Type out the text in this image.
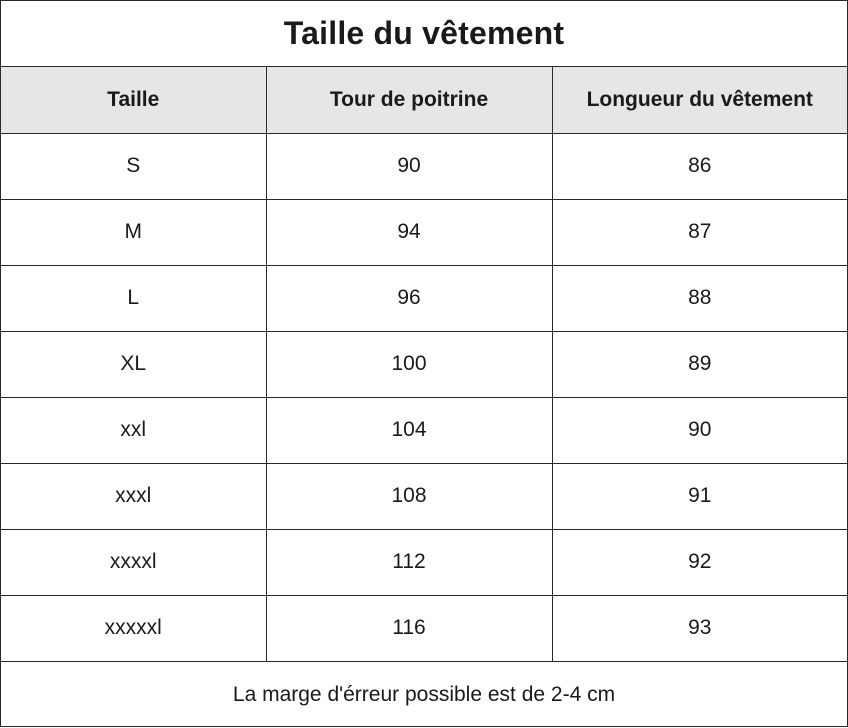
Taille du vêtement
Taille	Tour de poitrine	Longueur du vêtement
S	90	86
M	94	87
L	96	88
XL	100	89
xxl	104	90
xxxl	108	91
xxxxl	112	92
xxxxxl	116	93
La marge d'érreur possible est de 2-4 cm
